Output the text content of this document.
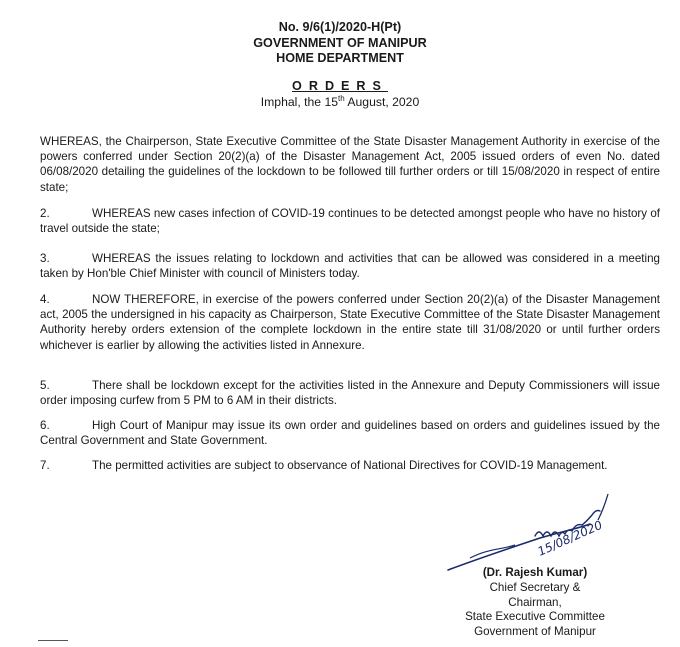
No. 9/6(1)/2020-H(Pt)
GOVERNMENT OF MANIPUR
HOME DEPARTMENT
ORDERS
Imphal, the 15th August, 2020
WHEREAS, the Chairperson, State Executive Committee of the State Disaster Management Authority in exercise of the powers conferred under Section 20(2)(a) of the Disaster Management Act, 2005 issued orders of even No. dated 06/08/2020 detailing the guidelines of the lockdown to be followed till further orders or till 15/08/2020 in respect of entire state;
2.	WHEREAS new cases infection of COVID-19 continues to be detected amongst people who have no history of travel outside the state;
3.	WHEREAS the issues relating to lockdown and activities that can be allowed was considered in a meeting taken by Hon'ble Chief Minister with council of Ministers today.
4.	NOW THEREFORE, in exercise of the powers conferred under Section 20(2)(a) of the Disaster Management act, 2005 the undersigned in his capacity as Chairperson, State Executive Committee of the State Disaster Management Authority hereby orders extension of the complete lockdown in the entire state till 31/08/2020 or until further orders whichever is earlier by allowing the activities listed in Annexure.
5.	There shall be lockdown except for the activities listed in the Annexure and Deputy Commissioners will issue order imposing curfew from 5 PM to 6 AM in their districts.
6.	High Court of Manipur may issue its own order and guidelines based on orders and guidelines issued by the Central Government and State Government.
7.	The permitted activities are subject to observance of National Directives for COVID-19 Management.
15/08/2020
(Dr. Rajesh Kumar)
Chief Secretary &
Chairman,
State Executive Committee
Government of Manipur
